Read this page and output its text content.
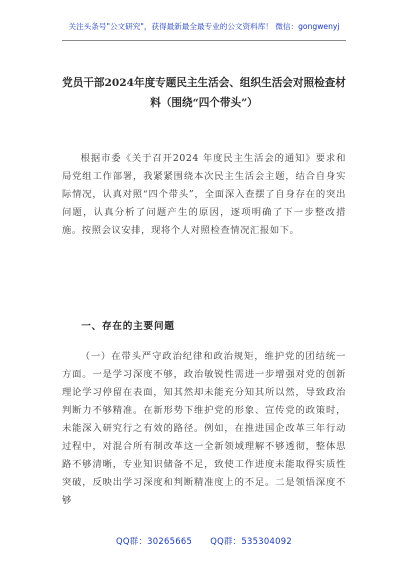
关注头条号"公文研究"，获得最新最全最专业的公文资料库！ 微信：gongwenyj
党员干部2024年度专题民主生活会、组织生活会对照检查材料（围绕“四个带头”）
根据市委《关于召开2024 年度民主生活会的通知》要求和局党组工作部署，我紧紧围绕本次民主生活会主题，结合自身实际情况，认真对照“四个带头”，全面深入查摆了自身存在的突出问题，认真分析了问题产生的原因，逐项明确了下一步整改措施。按照会议安排，现将个人对照检查情况汇报如下。
一、存在的主要问题
（一）在带头严守政治纪律和政治规矩，维护党的团结统一方面。一是学习深度不够，政治敏锐性需进一步增强对党的创新理论学习停留在表面，知其然却未能充分知其所以然，导致政治判断力不够精准。在新形势下维护党的形象、宣传党的政策时，未能深入研究行之有效的路径。例如，在推进国企改革三年行动过程中，对混合所有制改革这一全新领域理解不够透彻，整体思路不够清晰，专业知识储备不足，致使工作进度未能取得实质性突破，反映出学习深度和判断精准度上的不足。二是领悟深度不够
QQ群：30265665 QQ群：535304092
